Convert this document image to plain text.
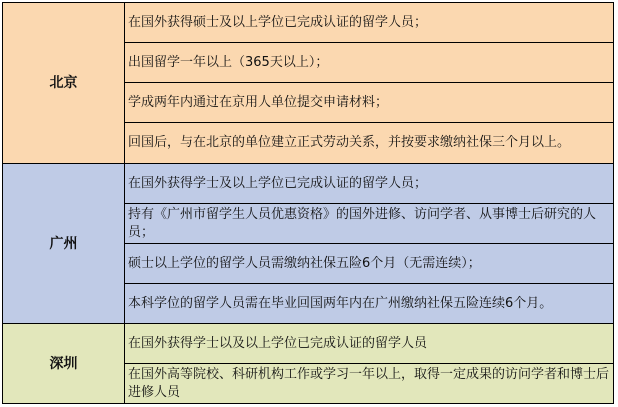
北京	在国外获得硕士及以上学位已完成认证的留学人员；
	出国留学一年以上（365天以上）；
	学成两年内通过在京用人单位提交申请材料；
	回国后，与在北京的单位建立正式劳动关系，并按要求缴纳社保三个月以上。
广州	在国外获得学士及以上学位已完成认证的留学人员；
	持有《广州市留学生人员优惠资格》的国外进修、访问学者、从事博士后研究的人员；
	硕士以上学位的留学人员需缴纳社保五险6个月（无需连续）；
	本科学位的留学人员需在毕业回国两年内在广州缴纳社保五险连续6个月。
深圳	在国外获得学士以及以上学位已完成认证的留学人员
	在国外高等院校、科研机构工作或学习一年以上，取得一定成果的访问学者和博士后进修人员
